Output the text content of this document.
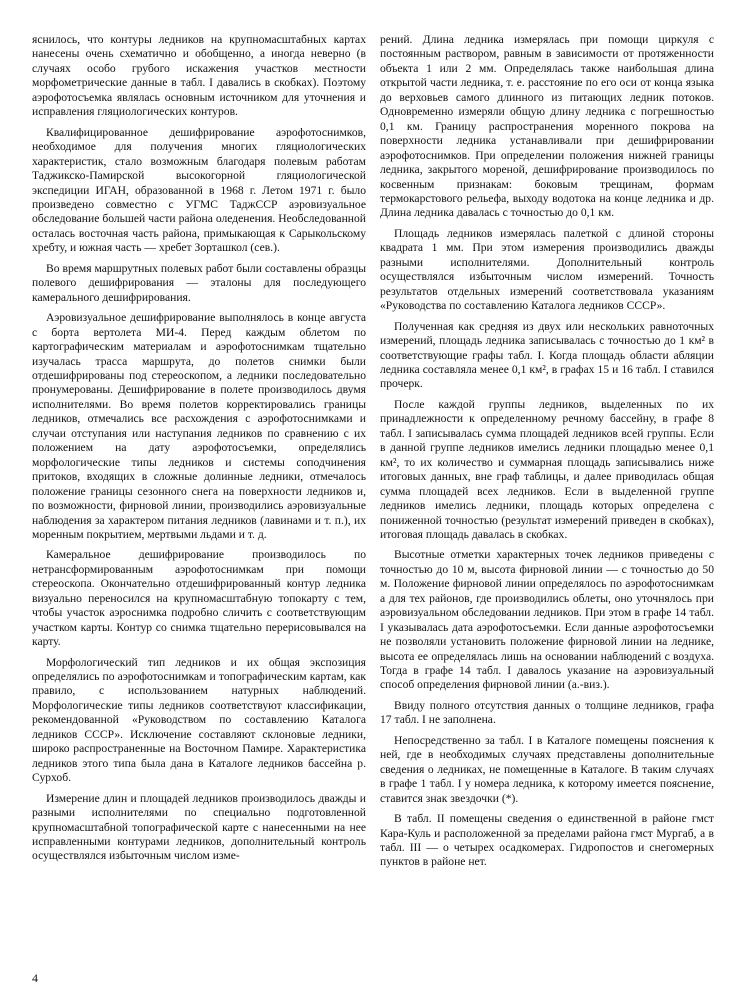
яснилось, что контуры ледников на крупномасштабных картах нанесены очень схематично и обобщенно, а иногда неверно (в случаях особо грубого искажения участков местности морфометрические данные в табл. I давались в скобках). Поэтому аэрофотосъемка являлась основным источником для уточнения и исправления гляциологических контуров.

Квалифицированное дешифрирование аэрофотоснимков, необходимое для получения многих гляциологических характеристик, стало возможным благодаря полевым работам Таджикско-Памирской высокогорной гляциологической экспедиции ИГАН, образованной в 1968 г. Летом 1971 г. было произведено совместно с УГМС ТаджССР аэровизуальное обследование большей части района оледенения. Необследованной осталась восточная часть района, примыкающая к Сарыкольскому хребту, и южная часть — хребет Зорташкол (сев.).

Во время маршрутных полевых работ были составлены образцы полевого дешифрирования — эталоны для последующего камерального дешифрирования.

Аэровизуальное дешифрирование выполнялось в конце августа с борта вертолета МИ-4. Перед каждым облетом по картографическим материалам и аэрофотоснимкам тщательно изучалась трасса маршрута, до полетов снимки были отдешифрированы под стереоскопом, а ледники последовательно пронумерованы. Дешифрирование в полете производилось двумя исполнителями. Во время полетов корректировались границы ледников, отмечались все расхождения с аэрофотоснимками и случаи отступания или наступания ледников по сравнению с их положением на дату аэрофотосъемки, определялись морфологические типы ледников и системы соподчинения притоков, входящих в сложные долинные ледники, отмечалось положение границы сезонного снега на поверхности ледников и, по возможности, фирновой линии, производились аэровизуальные наблюдения за характером питания ледников (лавинами и т. п.), их моренным покрытием, мертвыми льдами и т. д.

Камеральное дешифрирование производилось по нетрансформированным аэрофотоснимкам при помощи стереоскопа. Окончательно отдешифрированный контур ледника визуально переносился на крупномасштабную топокарту с тем, чтобы участок аэроснимка подробно сличить с соответствующим участком карты. Контур со снимка тщательно перерисовывался на карту.

Морфологический тип ледников и их общая экспозиция определялись по аэрофотоснимкам и топографическим картам, как правило, с использованием натурных наблюдений. Морфологические типы ледников соответствуют классификации, рекомендованной «Руководством по составлению Каталога ледников СССР». Исключение составляют склоновые ледники, широко распространенные на Восточном Памире. Характеристика ледников этого типа была дана в Каталоге ледников бассейна р. Сурхоб.

Измерение длин и площадей ледников производилось дважды и разными исполнителями по специально подготовленной крупномасштабной топографической карте с нанесенными на нее исправленными контурами ледников, дополнительный контроль осуществлялся избыточным числом изме-

рений. Длина ледника измерялась при помощи циркуля с постоянным раствором, равным в зависимости от протяженности объекта 1 или 2 мм. Определялась также наибольшая длина открытой части ледника, т. е. расстояние по его оси от конца языка до верховьев самого длинного из питающих ледник потоков. Одновременно измеряли общую длину ледника с погрешностью 0,1 км. Границу распространения моренного покрова на поверхности ледника устанавливали при дешифрировании аэрофотоснимков. При определении положения нижней границы ледника, закрытого мореной, дешифрирование производилось по косвенным признакам: боковым трещинам, формам термокарстового рельефа, выходу водотока на конце ледника и др. Длина ледника давалась с точностью до 0,1 км.

Площадь ледников измерялась палеткой с длиной стороны квадрата 1 мм. При этом измерения производились дважды разными исполнителями. Дополнительный контроль осуществлялся избыточным числом измерений. Точность результатов отдельных измерений соответствовала указаниям «Руководства по составлению Каталога ледников СССР».

Полученная как средняя из двух или нескольких равноточных измерений, площадь ледника записывалась с точностью до 1 км² в соответствующие графы табл. I. Когда площадь области абляции ледника составляла менее 0,1 км², в графах 15 и 16 табл. I ставился прочерк.

После каждой группы ледников, выделенных по их принадлежности к определенному речному бассейну, в графе 8 табл. I записывалась сумма площадей ледников всей группы. Если в данной группе ледников имелись ледники площадью менее 0,1 км², то их количество и суммарная площадь записывались ниже итоговых данных, вне граф таблицы, и далее приводилась общая сумма площадей всех ледников. Если в выделенной группе ледников имелись ледники, площадь которых определена с пониженной точностью (результат измерений приведен в скобках), итоговая площадь давалась в скобках.

Высотные отметки характерных точек ледников приведены с точностью до 10 м, высота фирновой линии — с точностью до 50 м. Положение фирновой линии определялось по аэрофотоснимкам а для тех районов, где производились облеты, оно уточнялось при аэровизуальном обследовании ледников. При этом в графе 14 табл. I указывалась дата аэрофотосъемки. Если данные аэрофотосъемки не позволяли установить положение фирновой линии на леднике, высота ее определялась лишь на основании наблюдений с воздуха. Тогда в графе 14 табл. I давалось указание на аэровизуальный способ определения фирновой линии (а.-виз.).

Ввиду полного отсутствия данных о толщине ледников, графа 17 табл. I не заполнена.

Непосредственно за табл. I в Каталоге помещены пояснения к ней, где в необходимых случаях представлены дополнительные сведения о ледниках, не помещенные в Каталоге. В таким случаях в графе 1 табл. I у номера ледника, к которому имеется пояснение, ставится знак звездочки (*).

В табл. II помещены сведения о единственной в районе гмст Кара-Куль и расположенной за пределами района гмст Мургаб, а в табл. III — о четырех осадкомерах. Гидропостов и снегомерных пунктов в районе нет.

4
